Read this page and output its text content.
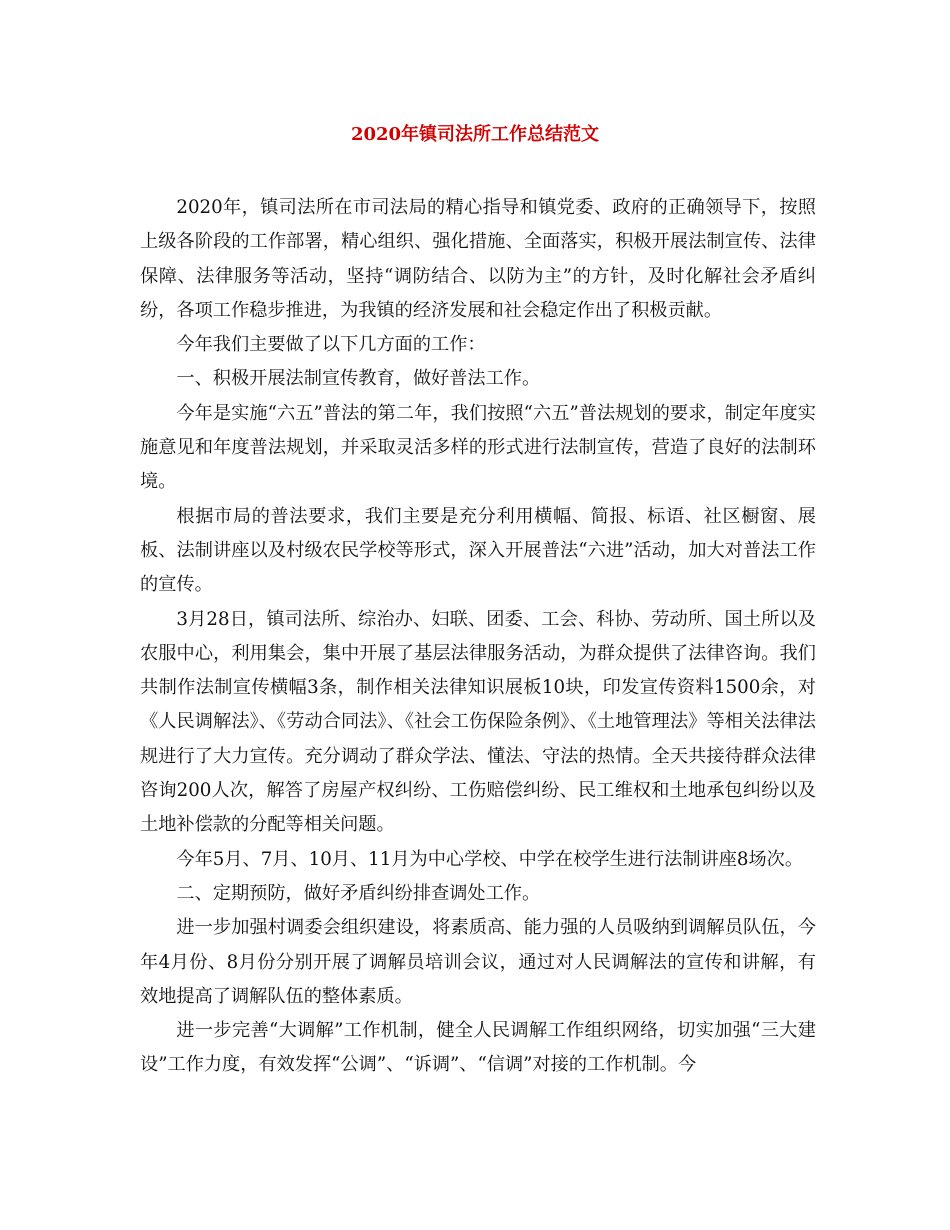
2020年镇司法所工作总结范文

2020年，镇司法所在市司法局的精心指导和镇党委、政府的正确领导下，按照上级各阶段的工作部署，精心组织、强化措施、全面落实，积极开展法制宣传、法律保障、法律服务等活动，坚持“调防结合、以防为主”的方针，及时化解社会矛盾纠纷，各项工作稳步推进，为我镇的经济发展和社会稳定作出了积极贡献。

今年我们主要做了以下几方面的工作：

一、积极开展法制宣传教育，做好普法工作。

今年是实施“六五”普法的第二年，我们按照“六五”普法规划的要求，制定年度实施意见和年度普法规划，并采取灵活多样的形式进行法制宣传，营造了良好的法制环境。

根据市局的普法要求，我们主要是充分利用横幅、简报、标语、社区橱窗、展板、法制讲座以及村级农民学校等形式，深入开展普法“六进”活动，加大对普法工作的宣传。

3月28日，镇司法所、综治办、妇联、团委、工会、科协、劳动所、国土所以及农服中心，利用集会，集中开展了基层法律服务活动，为群众提供了法律咨询。我们共制作法制宣传横幅3条，制作相关法律知识展板10块，印发宣传资料1500余，对《人民调解法》、《劳动合同法》、《社会工伤保险条例》、《土地管理法》等相关法律法规进行了大力宣传。充分调动了群众学法、懂法、守法的热情。全天共接待群众法律咨询200人次，解答了房屋产权纠纷、工伤赔偿纠纷、民工维权和土地承包纠纷以及土地补偿款的分配等相关问题。

今年5月、7月、10月、11月为中心学校、中学在校学生进行法制讲座8场次。

二、定期预防，做好矛盾纠纷排查调处工作。

进一步加强村调委会组织建设，将素质高、能力强的人员吸纳到调解员队伍，今年4月份、8月份分别开展了调解员培训会议，通过对人民调解法的宣传和讲解，有效地提高了调解队伍的整体素质。

进一步完善“大调解”工作机制，健全人民调解工作组织网络，切实加强“三大建设”工作力度，有效发挥“公调”、“诉调”、“信调”对接的工作机制。今
